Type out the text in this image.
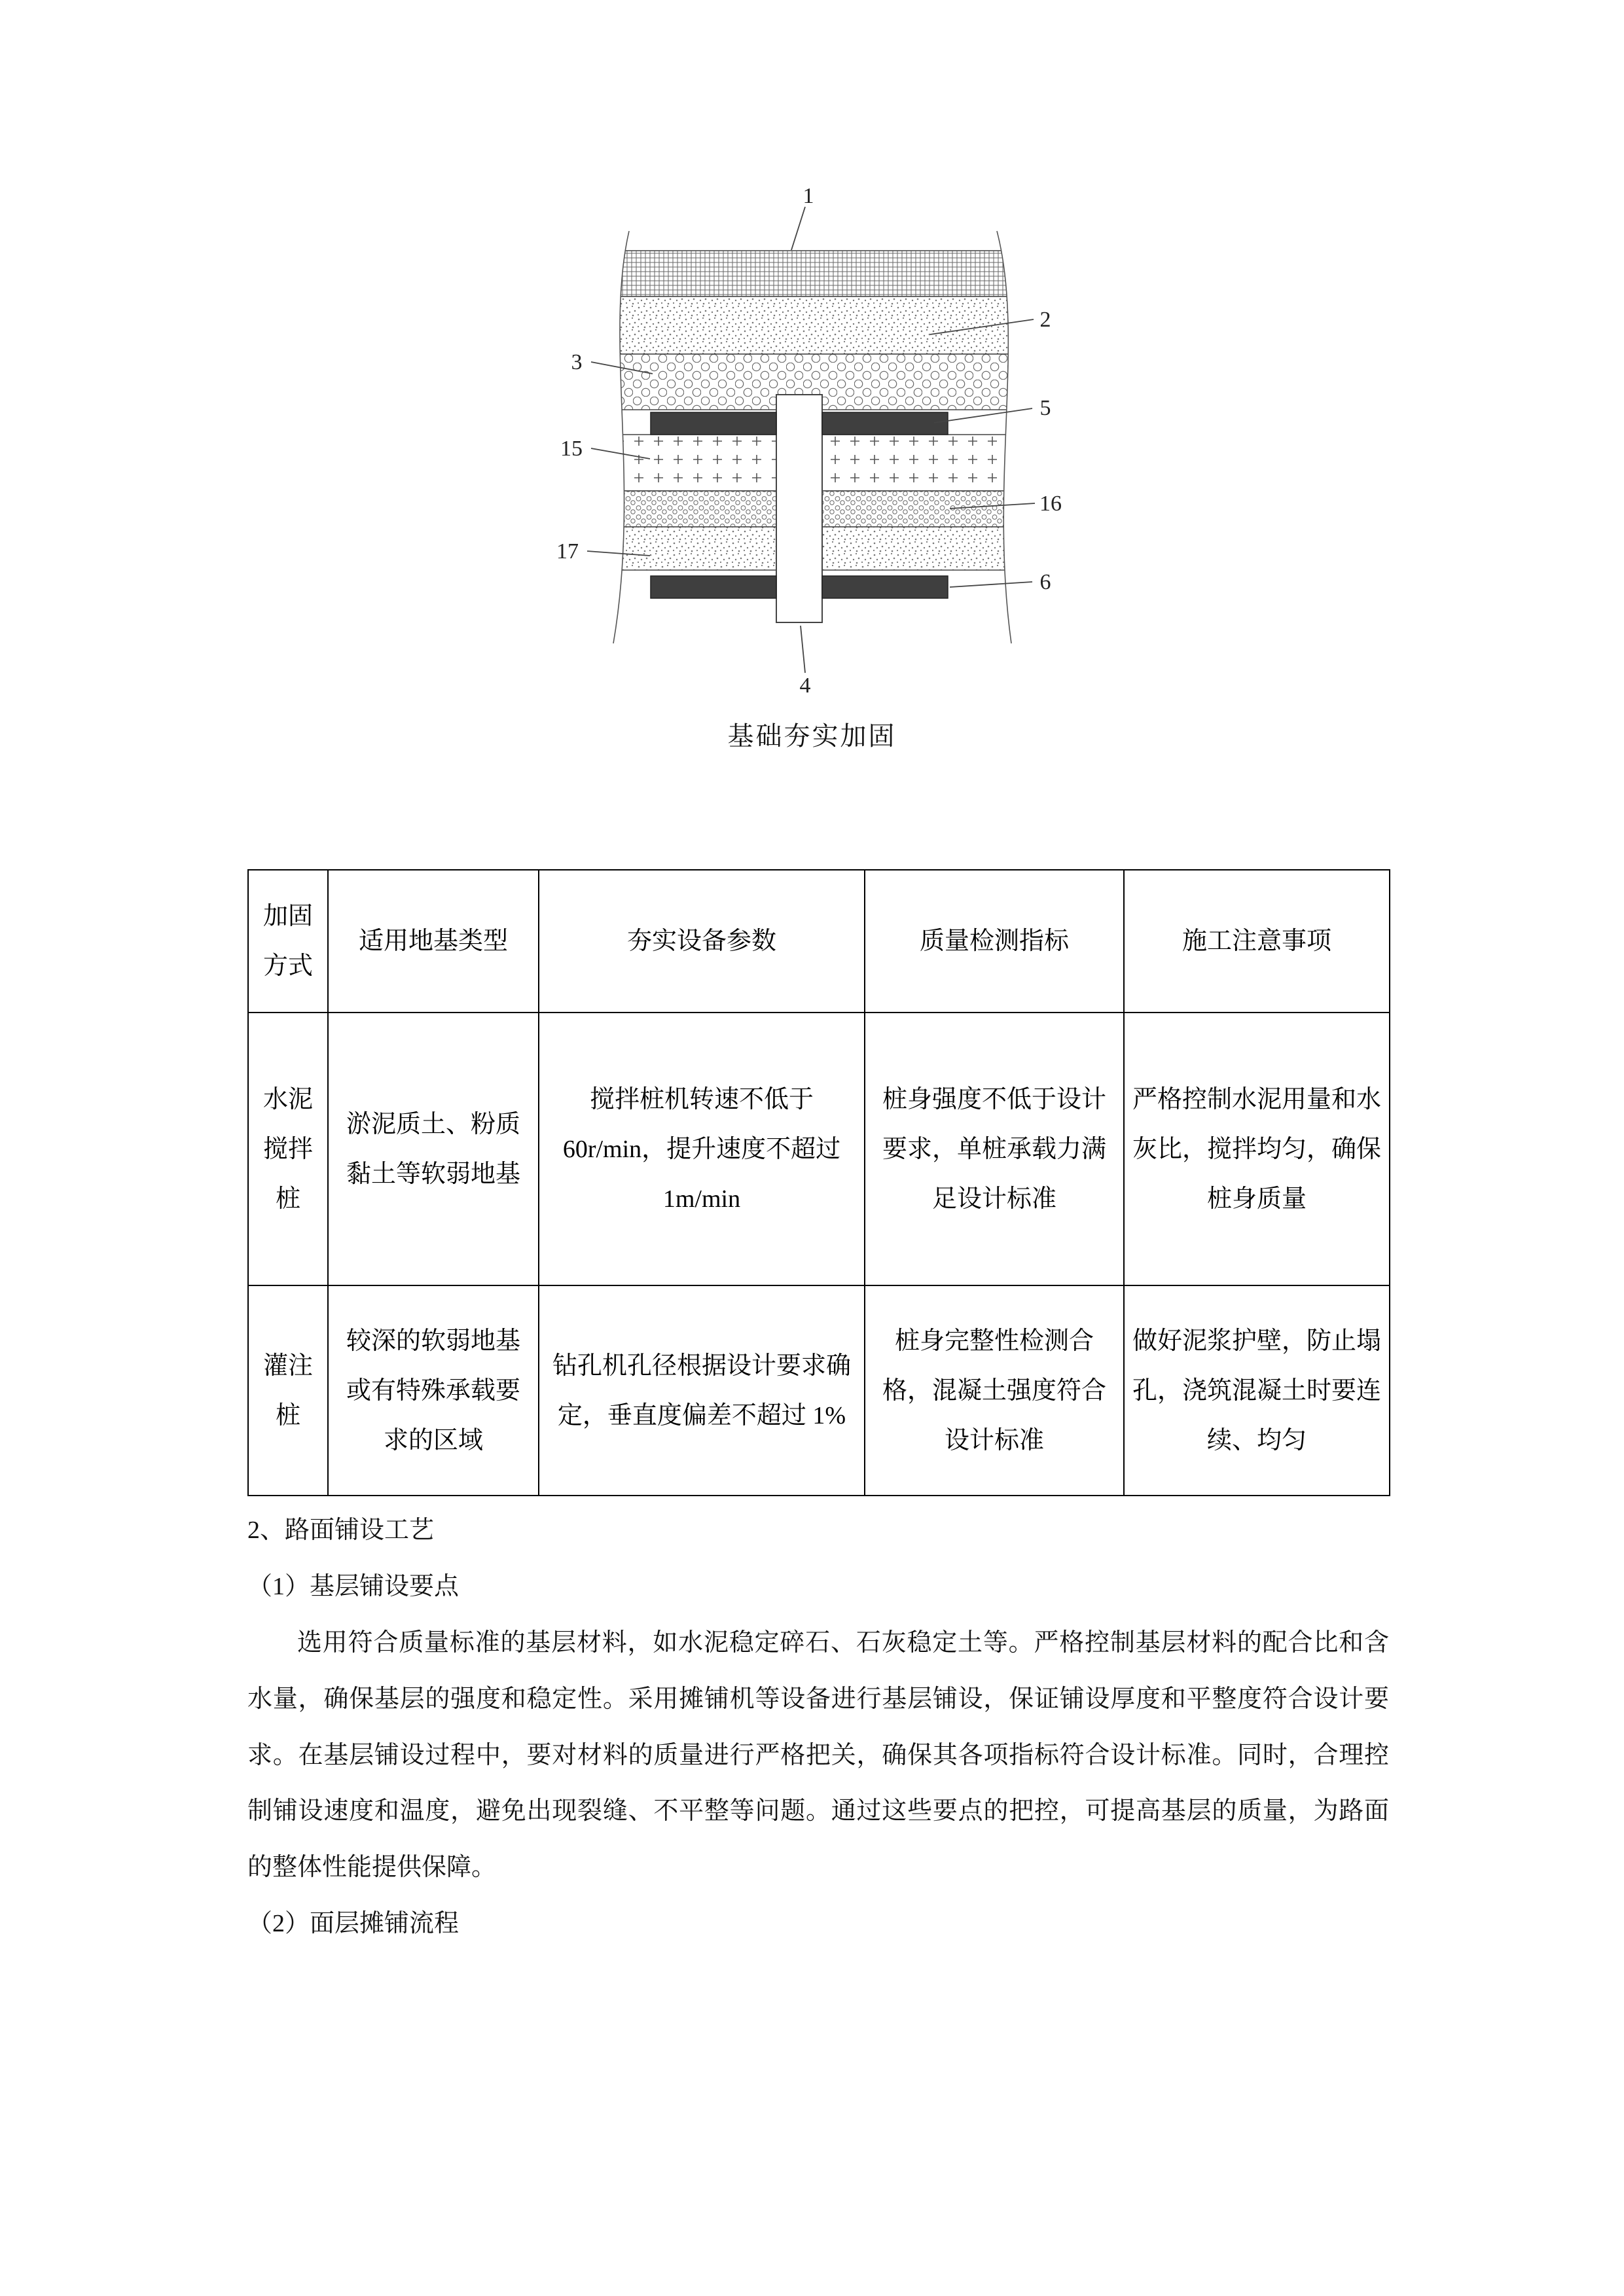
1
2
3
5
15
16
17
6
4
基础夯实加固
加固方式	适用地基类型	夯实设备参数	质量检测指标	施工注意事项
水泥搅拌桩	淤泥质土、粉质黏土等软弱地基	搅拌桩机转速不低于60r/min，提升速度不超过 1m/min	桩身强度不低于设计要求，单桩承载力满足设计标准	严格控制水泥用量和水灰比，搅拌均匀，确保桩身质量
灌注桩	较深的软弱地基或有特殊承载要求的区域	钻孔机孔径根据设计要求确定，垂直度偏差不超过 1%	桩身完整性检测合格，混凝土强度符合设计标准	做好泥浆护壁，防止塌孔，浇筑混凝土时要连续、均匀

2、路面铺设工艺

（1）基层铺设要点

选用符合质量标准的基层材料，如水泥稳定碎石、石灰稳定土等。严格控制基层材料的配合比和含水量，确保基层的强度和稳定性。采用摊铺机等设备进行基层铺设，保证铺设厚度和平整度符合设计要求。在基层铺设过程中，要对材料的质量进行严格把关，确保其各项指标符合设计标准。同时，合理控制铺设速度和温度，避免出现裂缝、不平整等问题。通过这些要点的把控，可提高基层的质量，为路面的整体性能提供保障。

（2）面层摊铺流程
